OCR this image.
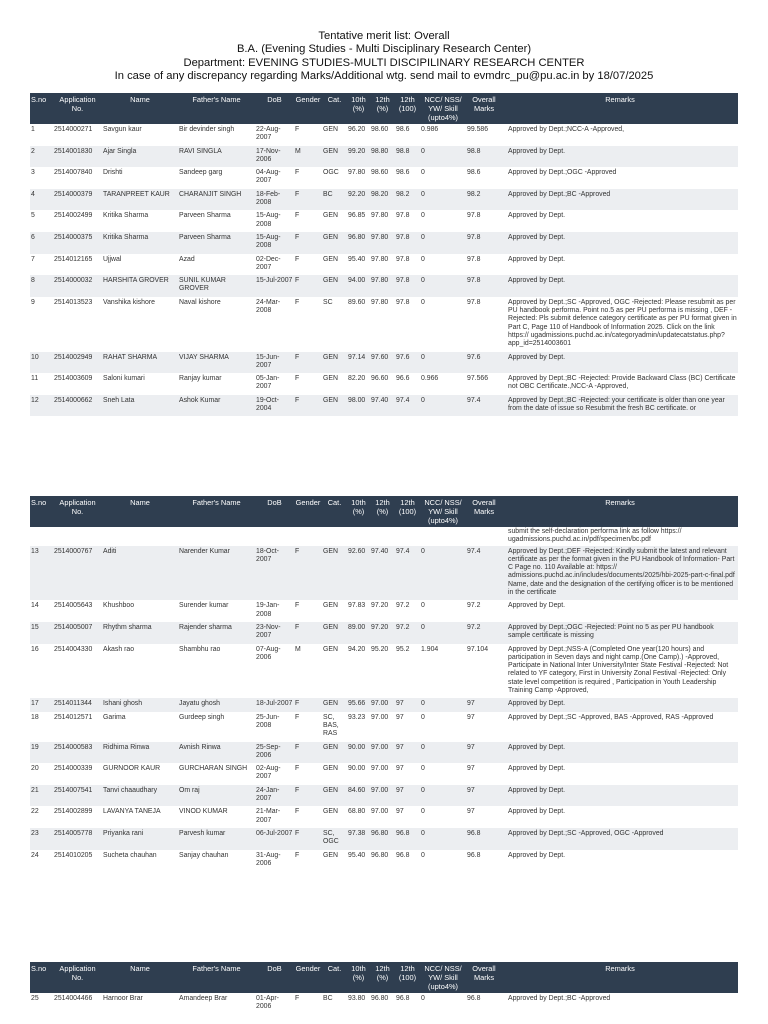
Tentative merit list: Overall
B.A. (Evening Studies - Multi Disciplinary Research Center)
Department: EVENING STUDIES-MULTI DISCIPILINARY RESEARCH CENTER
In case of any discrepancy regarding Marks/Additional wtg. send mail to evmdrc_pu@pu.ac.in by 18/07/2025
S.no	Application No.	Name	Father's Name	DoB	Gender	Cat.	10th (%)	12th (%)	12th (100)	NCC/ NSS/ YW/ Skill (upto4%)	Overall Marks	Remarks
1	2514000271	Savgun kaur	Bir devinder singh	22-Aug-2007	F	GEN	96.20	98.60	98.6	0.986	99.586	Approved by Dept.;NCC-A -Approved,
2	2514001830	Ajar Singla	RAVI SINGLA	17-Nov-2006	M	GEN	99.20	98.80	98.8	0	98.8	Approved by Dept.
3	2514007840	Drishti	Sandeep garg	04-Aug-2007	F	OGC	97.80	98.60	98.6	0	98.6	Approved by Dept.;OGC -Approved
4	2514000379	TARANPREET KAUR	CHARANJIT SINGH	18-Feb-2008	F	BC	92.20	98.20	98.2	0	98.2	Approved by Dept.;BC -Approved
5	2514002499	Kritika Sharma	Parveen Sharma	15-Aug-2008	F	GEN	96.85	97.80	97.8	0	97.8	Approved by Dept.
6	2514000375	Kritika Sharma	Parveen Sharma	15-Aug-2008	F	GEN	96.80	97.80	97.8	0	97.8	Approved by Dept.
7	2514012165	Ujjwal	Azad	02-Dec-2007	F	GEN	95.40	97.80	97.8	0	97.8	Approved by Dept.
8	2514000032	HARSHITA GROVER	SUNIL KUMAR GROVER	15-Jul-2007	F	GEN	94.00	97.80	97.8	0	97.8	Approved by Dept.
9	2514013523	Vanshika kishore	Naval kishore	24-Mar-2008	F	SC	89.60	97.80	97.8	0	97.8	Approved by Dept.;SC -Approved, OGC -Rejected: Please resubmit as per PU handbook performa. Point no.5 as per PU performa is missing , DEF -Rejected: Pls submit defence category certificate as per PU format given in Part C, Page 110 of Handbook of Information 2025. Click on the link https:// ugadmissions.puchd.ac.in/categoryadmin/updatecatstatus.php? app_id=2514003601
10	2514002949	RAHAT SHARMA	VIJAY SHARMA	15-Jun-2007	F	GEN	97.14	97.60	97.6	0	97.6	Approved by Dept.
11	2514003609	Saloni kumari	Ranjay kumar	05-Jan-2007	F	GEN	82.20	96.60	96.6	0.966	97.566	Approved by Dept.;BC -Rejected: Provide Backward Class (BC) Certificate not OBC Certificate.,NCC-A -Approved,
12	2514000662	Sneh Lata	Ashok Kumar	19-Oct-2004	F	GEN	98.00	97.40	97.4	0	97.4	Approved by Dept.;BC -Rejected: your certificate is older than one year from the date of issue so Resubmit the fresh BC certificate. or
S.no	Application No.	Name	Father's Name	DoB	Gender	Cat.	10th (%)	12th (%)	12th (100)	NCC/ NSS/ YW/ Skill (upto4%)	Overall Marks	Remarks
												submit the self-declaration performa link as follow https:// ugadmissions.puchd.ac.in/pdf/specimen/bc.pdf
13	2514000767	Aditi	Narender Kumar	18-Oct-2007	F	GEN	92.60	97.40	97.4	0	97.4	Approved by Dept.;DEF -Rejected: Kindly submit the latest and relevant certificate as per the format given in the PU Handbook of Information- Part C Page no. 110 Available at: https:// admissions.puchd.ac.in/includes/documents/2025/hbi-2025-part-c-final.pdf Name, date and the designation of the certifying officer is to be mentioned in the certificate
14	2514005643	Khushboo	Surender kumar	19-Jan-2008	F	GEN	97.83	97.20	97.2	0	97.2	Approved by Dept.
15	2514005007	Rhythm sharma	Rajender sharma	23-Nov-2007	F	GEN	89.00	97.20	97.2	0	97.2	Approved by Dept.;OGC -Rejected: Point no 5 as per PU handbook sample certificate is missing
16	2514004330	Akash rao	Shambhu rao	07-Aug-2006	M	GEN	94.20	95.20	95.2	1.904	97.104	Approved by Dept.;NSS-A (Completed One year(120 hours) and participation in Seven days and night camp.(One Camp).) -Approved, Participate in National Inter University/Inter State Festival -Rejected: Not related to YF category, First in University Zonal Festival -Rejected: Only state level competition is required , Participation in Youth Leadership Training Camp -Approved,
17	2514011344	Ishani ghosh	Jayatu ghosh	18-Jul-2007	F	GEN	95.66	97.00	97	0	97	Approved by Dept.
18	2514012571	Garima	Gurdeep singh	25-Jun-2008	F	SC, BAS, RAS	93.23	97.00	97	0	97	Approved by Dept.;SC -Approved, BAS -Approved, RAS -Approved
19	2514000583	Ridhima Rinwa	Avnish Rinwa	25-Sep-2006	F	GEN	90.00	97.00	97	0	97	Approved by Dept.
20	2514000339	GURNOOR KAUR	GURCHARAN SINGH	02-Aug-2007	F	GEN	90.00	97.00	97	0	97	Approved by Dept.
21	2514007541	Tanvi chaaudhary	Om raj	24-Jan-2007	F	GEN	84.60	97.00	97	0	97	Approved by Dept.
22	2514002899	LAVANYA TANEJA	VINOD KUMAR	21-Mar-2007	F	GEN	68.80	97.00	97	0	97	Approved by Dept.
23	2514005778	Priyanka rani	Parvesh kumar	06-Jul-2007	F	SC, OGC	97.38	96.80	96.8	0	96.8	Approved by Dept.;SC -Approved, OGC -Approved
24	2514010205	Sucheta chauhan	Sanjay chauhan	31-Aug-2006	F	GEN	95.40	96.80	96.8	0	96.8	Approved by Dept.
S.no	Application No.	Name	Father's Name	DoB	Gender	Cat.	10th (%)	12th (%)	12th (100)	NCC/ NSS/ YW/ Skill (upto4%)	Overall Marks	Remarks
25	2514004466	Harnoor Brar	Amandeep Brar	01-Apr-2006	F	BC	93.80	96.80	96.8	0	96.8	Approved by Dept.;BC -Approved
